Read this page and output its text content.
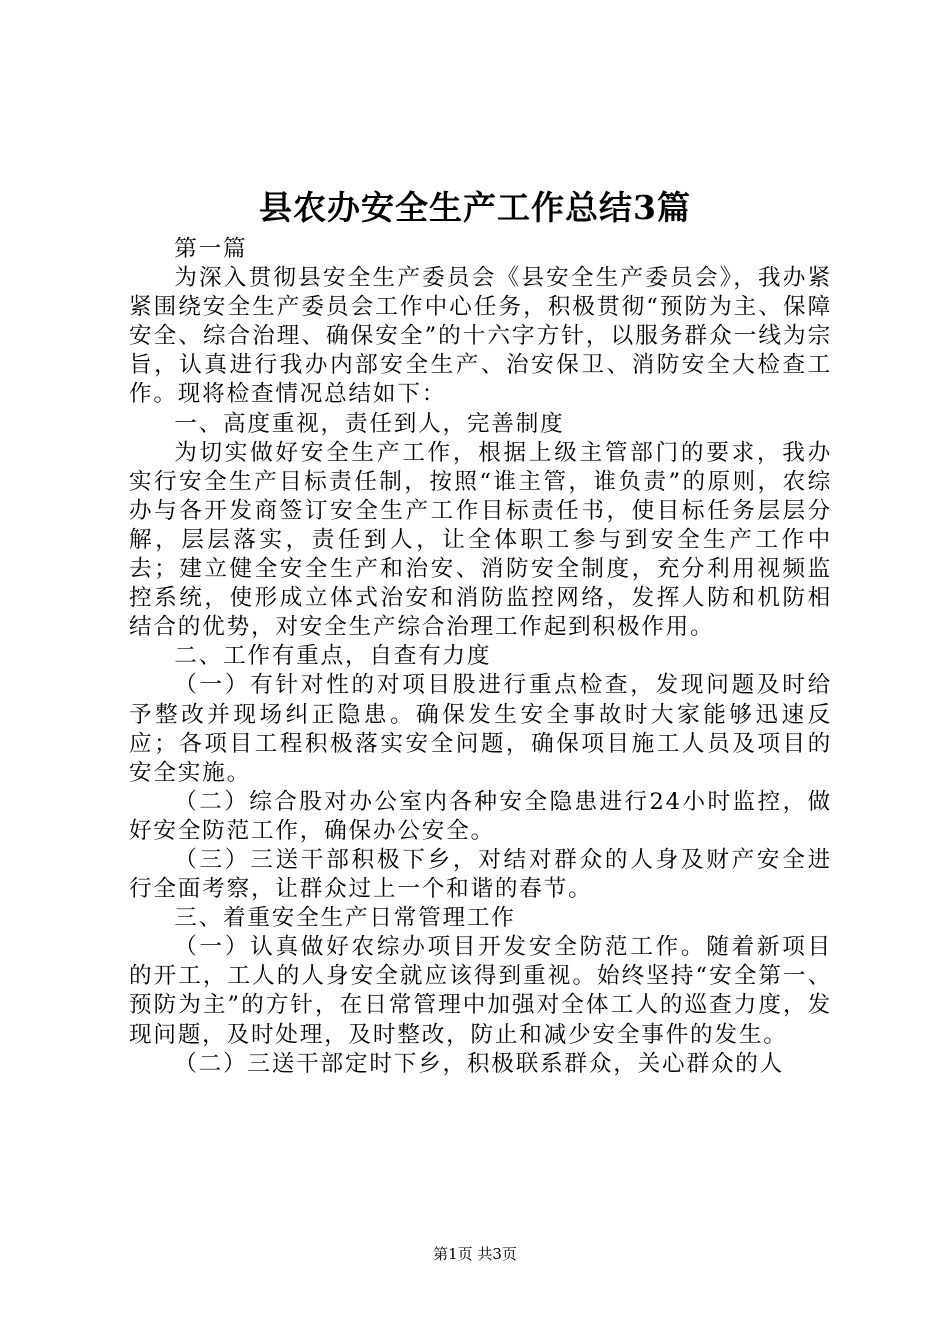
县农办安全生产工作总结3篇

第一篇

为深入贯彻县安全生产委员会《县安全生产委员会》，我办紧紧围绕安全生产委员会工作中心任务，积极贯彻“预防为主、保障安全、综合治理、确保安全”的十六字方针，以服务群众一线为宗旨，认真进行我办内部安全生产、治安保卫、消防安全大检查工作。现将检查情况总结如下：

一、高度重视，责任到人，完善制度

为切实做好安全生产工作，根据上级主管部门的要求，我办实行安全生产目标责任制，按照“谁主管，谁负责”的原则，农综办与各开发商签订安全生产工作目标责任书，使目标任务层层分解，层层落实，责任到人，让全体职工参与到安全生产工作中去；建立健全安全生产和治安、消防安全制度，充分利用视频监控系统，使形成立体式治安和消防监控网络，发挥人防和机防相结合的优势，对安全生产综合治理工作起到积极作用。

二、工作有重点，自查有力度

（一）有针对性的对项目股进行重点检查，发现问题及时给予整改并现场纠正隐患。确保发生安全事故时大家能够迅速反应；各项目工程积极落实安全问题，确保项目施工人员及项目的安全实施。

（二）综合股对办公室内各种安全隐患进行24小时监控，做好安全防范工作，确保办公安全。

（三）三送干部积极下乡，对结对群众的人身及财产安全进行全面考察，让群众过上一个和谐的春节。

三、着重安全生产日常管理工作

（一）认真做好农综办项目开发安全防范工作。随着新项目的开工，工人的人身安全就应该得到重视。始终坚持“安全第一、预防为主”的方针，在日常管理中加强对全体工人的巡查力度，发现问题，及时处理，及时整改，防止和减少安全事件的发生。

（二）三送干部定时下乡，积极联系群众，关心群众的人

第1页 共3页
